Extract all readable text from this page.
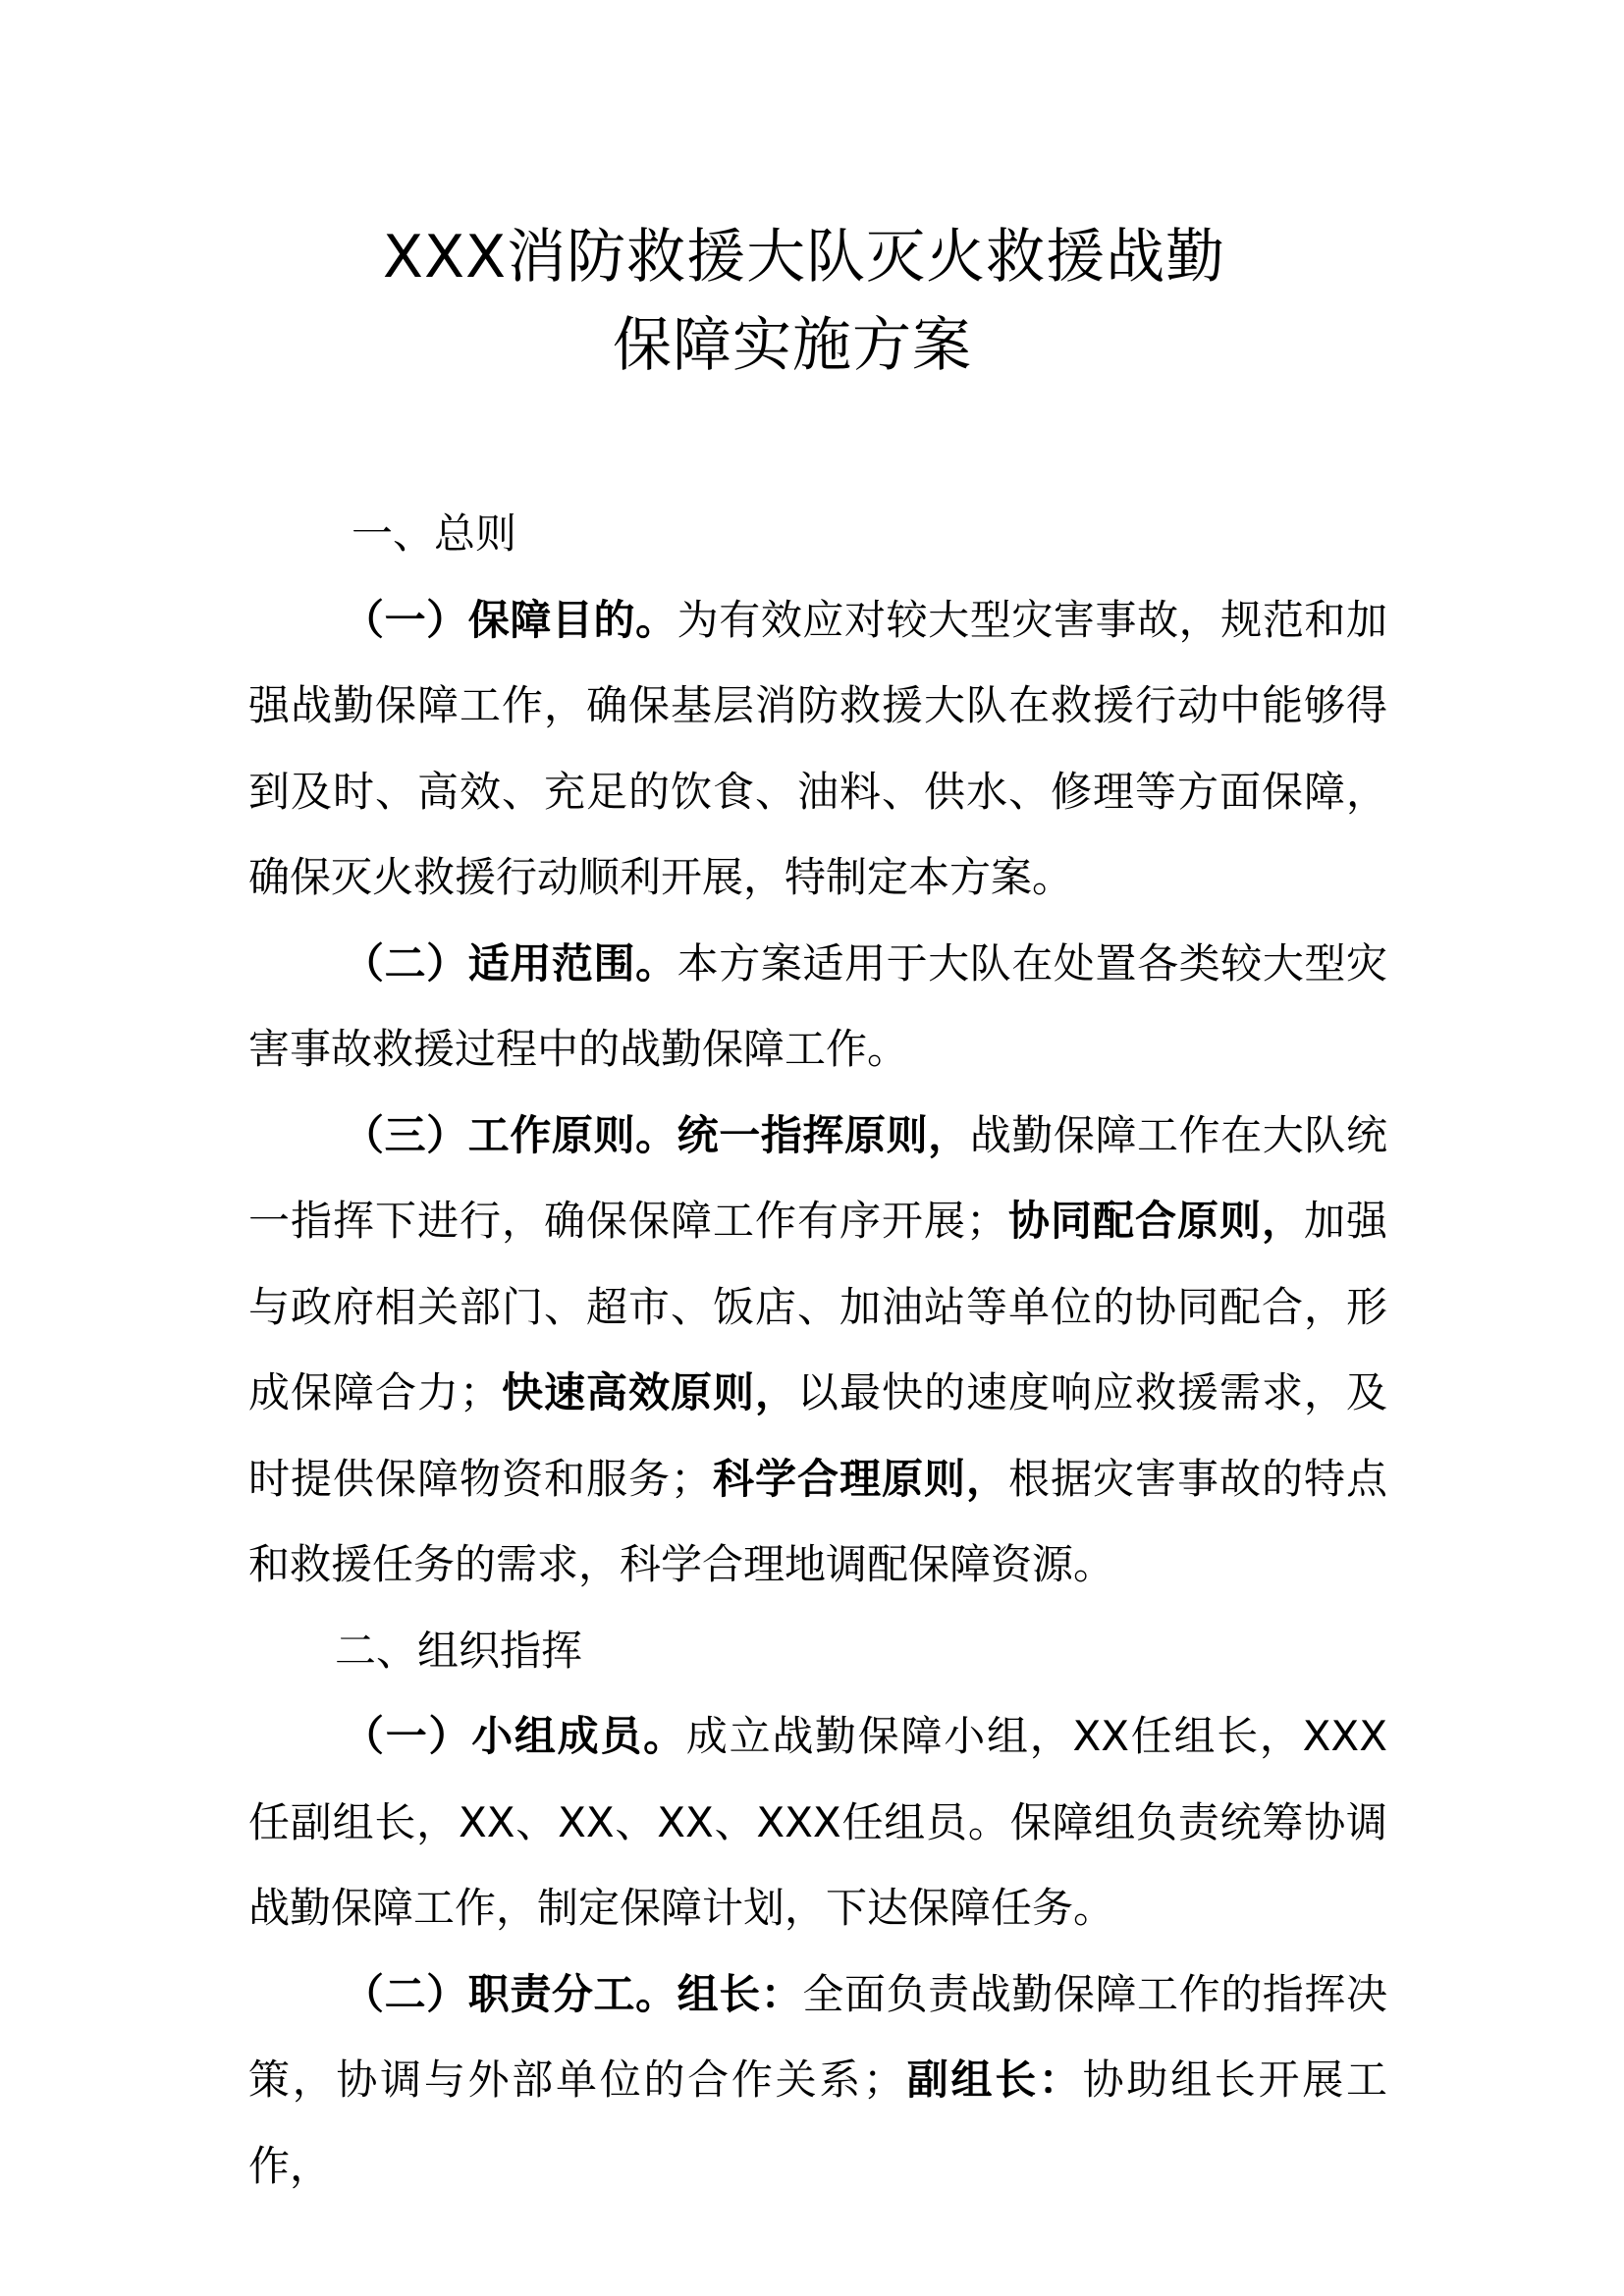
XXX消防救援大队灭火救援战勤
保障实施方案

一、总则

（一）保障目的。为有效应对较大型灾害事故，规范和加强战勤保障工作，确保基层消防救援大队在救援行动中能够得到及时、高效、充足的饮食、油料、供水、修理等方面保障，确保灭火救援行动顺利开展，特制定本方案。

（二）适用范围。本方案适用于大队在处置各类较大型灾害事故救援过程中的战勤保障工作。

（三）工作原则。统一指挥原则，战勤保障工作在大队统一指挥下进行，确保保障工作有序开展；协同配合原则，加强与政府相关部门、超市、饭店、加油站等单位的协同配合，形成保障合力；快速高效原则，以最快的速度响应救援需求，及时提供保障物资和服务；科学合理原则，根据灾害事故的特点和救援任务的需求，科学合理地调配保障资源。

二、组织指挥

（一）小组成员。成立战勤保障小组，XX任组长，XXX任副组长，XX、XX、XX、XXX任组员。保障组负责统筹协调战勤保障工作，制定保障计划，下达保障任务。

（二）职责分工。组长：全面负责战勤保障工作的指挥决策，协调与外部单位的合作关系；副组长：协助组长开展工作，
